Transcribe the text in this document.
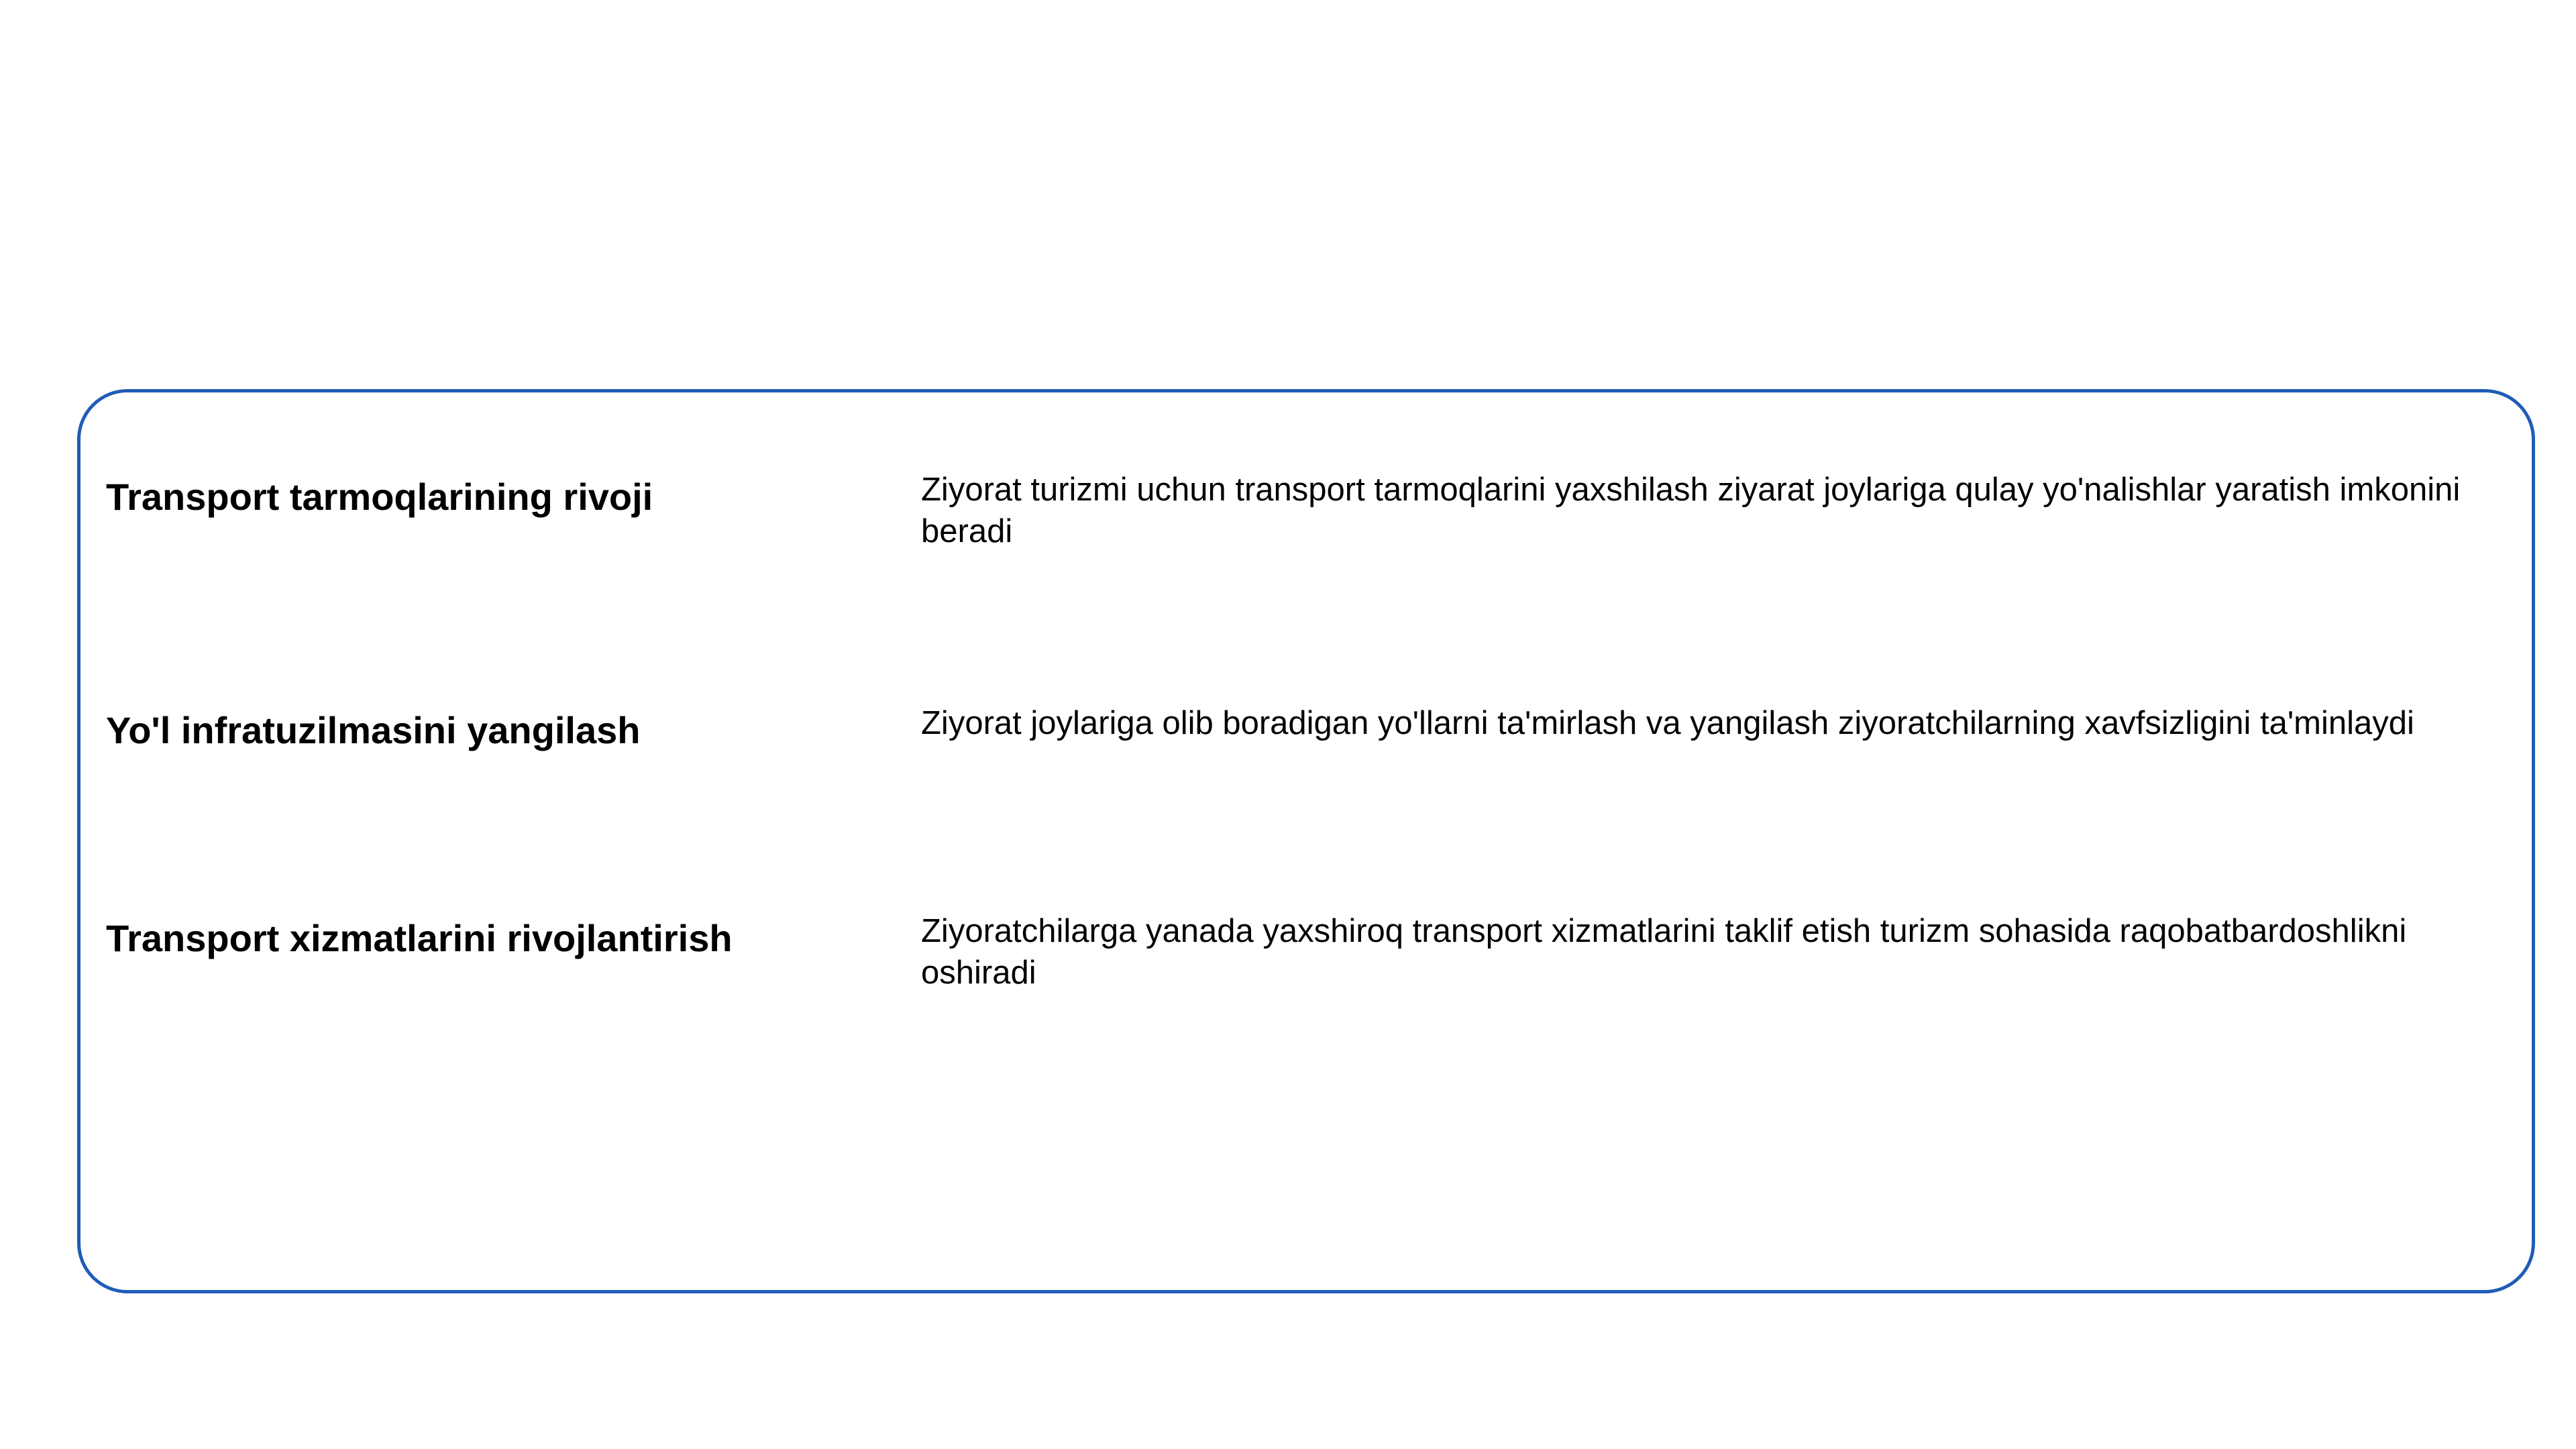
Transport tarmoqlarining rivoji	Ziyorat turizmi uchun transport tarmoqlarini yaxshilash ziyarat joylariga qulay yo'nalishlar yaratish imkonini beradi
Yo'l infratuzilmasini yangilash	Ziyorat joylariga olib boradigan yo'llarni ta'mirlash va yangilash ziyoratchilarning xavfsizligini ta'minlaydi
Transport xizmatlarini rivojlantirish	Ziyoratchilarga yanada yaxshiroq transport xizmatlarini taklif etish turizm sohasida raqobatbardoshlikni oshiradi
